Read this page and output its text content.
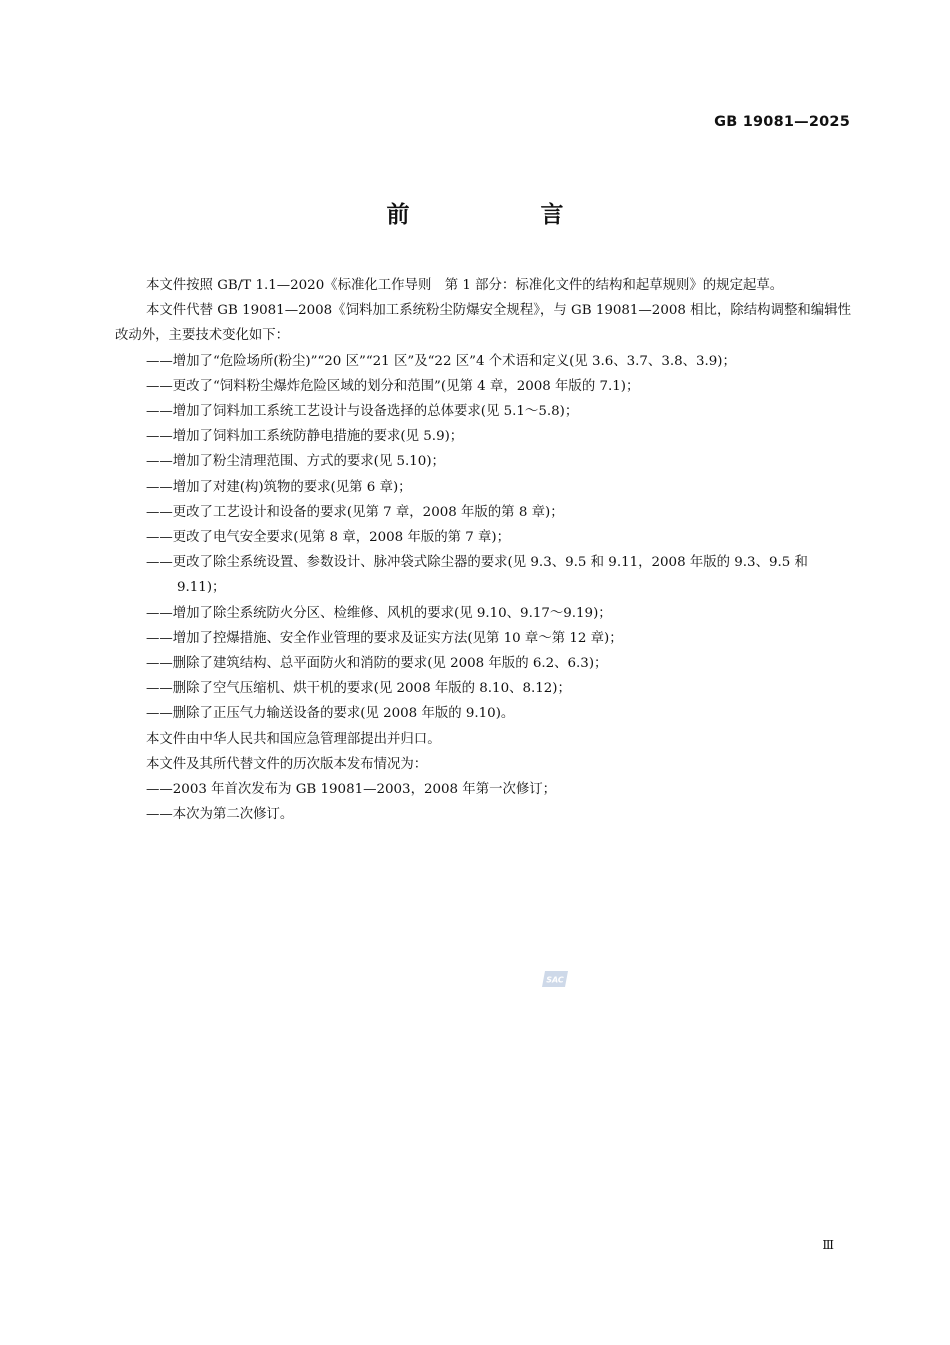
GB 19081—2025
前　言

本文件按照 GB/T 1.1—2020《标准化工作导则　第 1 部分：标准化文件的结构和起草规则》的规定起草。

本文件代替 GB 19081—2008《饲料加工系统粉尘防爆安全规程》，与 GB 19081—2008 相比，除结构调整和编辑性改动外，主要技术变化如下：

——增加了“危险场所(粉尘)”“20 区”“21 区”及“22 区”4 个术语和定义(见 3.6、3.7、3.8、3.9)；

——更改了“饲料粉尘爆炸危险区域的划分和范围”(见第 4 章，2008 年版的 7.1)；

——增加了饲料加工系统工艺设计与设备选择的总体要求(见 5.1～5.8)；

——增加了饲料加工系统防静电措施的要求(见 5.9)；

——增加了粉尘清理范围、方式的要求(见 5.10)；

——增加了对建(构)筑物的要求(见第 6 章)；

——更改了工艺设计和设备的要求(见第 7 章，2008 年版的第 8 章)；

——更改了电气安全要求(见第 8 章，2008 年版的第 7 章)；

——更改了除尘系统设置、参数设计、脉冲袋式除尘器的要求(见 9.3、9.5 和 9.11，2008 年版的 9.3、9.5 和 9.11)；

——增加了除尘系统防火分区、检维修、风机的要求(见 9.10、9.17～9.19)；

——增加了控爆措施、安全作业管理的要求及证实方法(见第 10 章～第 12 章)；

——删除了建筑结构、总平面防火和消防的要求(见 2008 年版的 6.2、6.3)；

——删除了空气压缩机、烘干机的要求(见 2008 年版的 8.10、8.12)；

——删除了正压气力输送设备的要求(见 2008 年版的 9.10)。

本文件由中华人民共和国应急管理部提出并归口。

本文件及其所代替文件的历次版本发布情况为：

——2003 年首次发布为 GB 19081—2003，2008 年第一次修订；

——本次为第二次修订。

SAC
Ⅲ
